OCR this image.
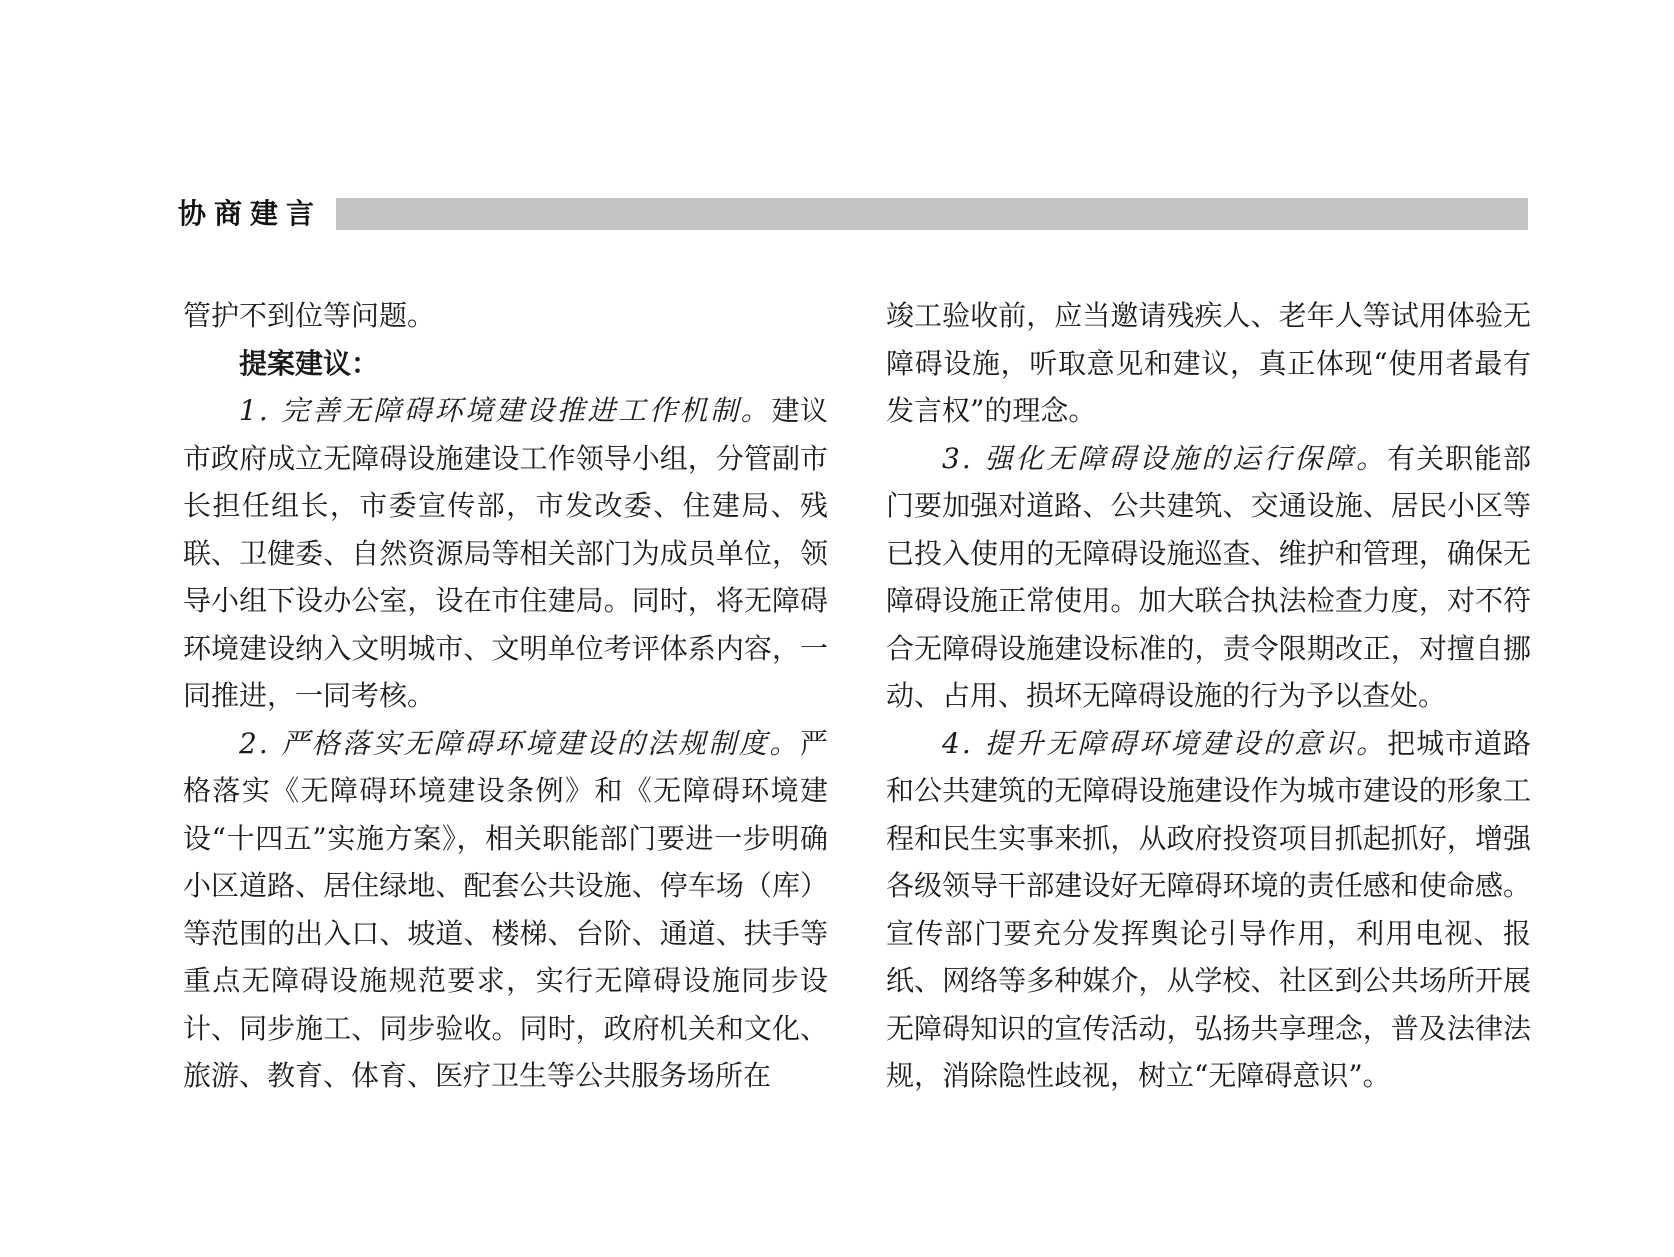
协商建言

管护不到位等问题。

提案建议：

1. 完善无障碍环境建设推进工作机制。建议市政府成立无障碍设施建设工作领导小组，分管副市长担任组长，市委宣传部，市发改委、住建局、残联、卫健委、自然资源局等相关部门为成员单位，领导小组下设办公室，设在市住建局。同时，将无障碍环境建设纳入文明城市、文明单位考评体系内容，一同推进，一同考核。

2. 严格落实无障碍环境建设的法规制度。严格落实《无障碍环境建设条例》和《无障碍环境建设“十四五”实施方案》，相关职能部门要进一步明确小区道路、居住绿地、配套公共设施、停车场（库）等范围的出入口、坡道、楼梯、台阶、通道、扶手等重点无障碍设施规范要求，实行无障碍设施同步设计、同步施工、同步验收。同时，政府机关和文化、旅游、教育、体育、医疗卫生等公共服务场所在

竣工验收前，应当邀请残疾人、老年人等试用体验无障碍设施，听取意见和建议，真正体现“使用者最有发言权”的理念。

3. 强化无障碍设施的运行保障。有关职能部门要加强对道路、公共建筑、交通设施、居民小区等已投入使用的无障碍设施巡查、维护和管理，确保无障碍设施正常使用。加大联合执法检查力度，对不符合无障碍设施建设标准的，责令限期改正，对擅自挪动、占用、损坏无障碍设施的行为予以查处。

4. 提升无障碍环境建设的意识。把城市道路和公共建筑的无障碍设施建设作为城市建设的形象工程和民生实事来抓，从政府投资项目抓起抓好，增强各级领导干部建设好无障碍环境的责任感和使命感。宣传部门要充分发挥舆论引导作用，利用电视、报纸、网络等多种媒介，从学校、社区到公共场所开展无障碍知识的宣传活动，弘扬共享理念，普及法律法规，消除隐性歧视，树立“无障碍意识”。
